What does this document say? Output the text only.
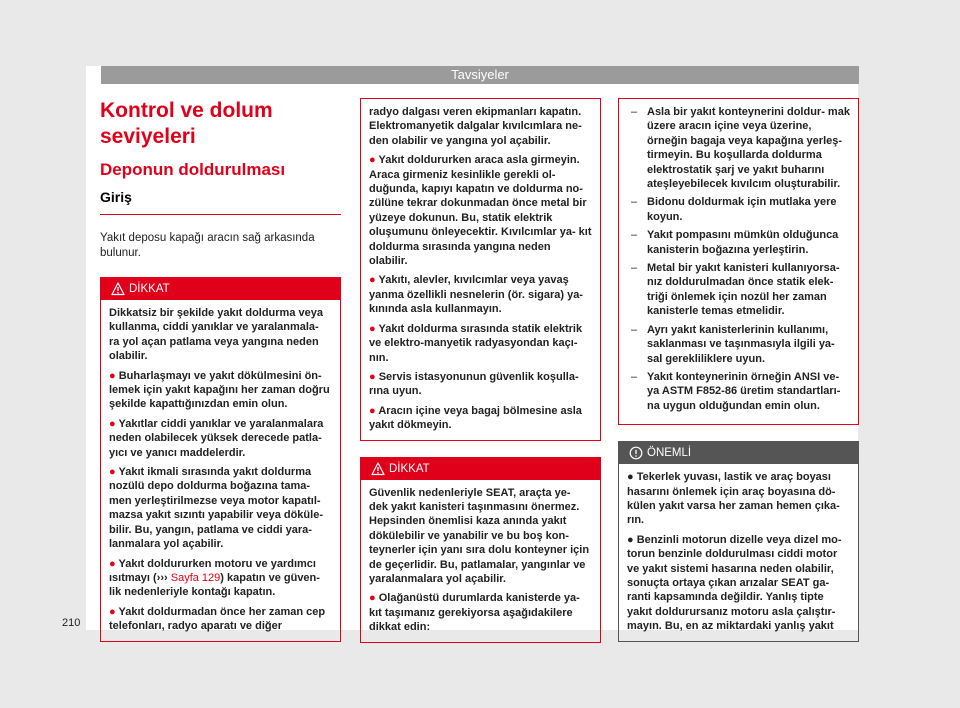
Tavsiyeler
Kontrol ve dolum
seviyeleri
Deponun doldurulması
Giriş

Yakıt deposu kapağı aracın sağ arkasında bulunur.

DİKKAT

Dikkatsiz bir şekilde yakıt doldurma veya kullanma, ciddi yanıklar ve yaralanmala- ra yol açan patlama veya yangına neden olabilir.

● Buharlaşmayı ve yakıt dökülmesini ön- lemek için yakıt kapağını her zaman doğru şekilde kapattığınızdan emin olun.

● Yakıtlar ciddi yanıklar ve yaralanmalara neden olabilecek yüksek derecede patla- yıcı ve yanıcı maddelerdir.

● Yakıt ikmali sırasında yakıt doldurma nozülü depo doldurma boğazına tama- men yerleştirilmezse veya motor kapatıl- mazsa yakıt sızıntı yapabilir veya döküle- bilir. Bu, yangın, patlama ve ciddi yara- lanmalara yol açabilir.

● Yakıt doldururken motoru ve yardımcı ısıtmayı (››› Sayfa 129) kapatın ve güven- lik nedenleriyle kontağı kapatın.

● Yakıt doldurmadan önce her zaman cep telefonları, radyo aparatı ve diğer

radyo dalgası veren ekipmanları kapatın. Elektromanyetik dalgalar kıvılcımlara ne- den olabilir ve yangına yol açabilir.

● Yakıt doldururken araca asla girmeyin. Araca girmeniz kesinlikle gerekli ol- duğunda, kapıyı kapatın ve doldurma no- zülüne tekrar dokunmadan önce metal bir yüzeye dokunun. Bu, statik elektrik oluşumunu önleyecektir. Kıvılcımlar ya- kıt doldurma sırasında yangına neden olabilir.

● Yakıtı, alevler, kıvılcımlar veya yavaş yanma özellikli nesnelerin (ör. sigara) ya- kınında asla kullanmayın.

● Yakıt doldurma sırasında statik elektrik ve elektro-manyetik radyasyondan kaçı- nın.

● Servis istasyonunun güvenlik koşulla- rına uyun.

● Aracın içine veya bagaj bölmesine asla yakıt dökmeyin.

DİKKAT

Güvenlik nedenleriyle SEAT, araçta ye- dek yakıt kanisteri taşınmasını önermez. Hepsinden önemlisi kaza anında yakıt dökülebilir ve yanabilir ve bu boş kon- teynerler için yanı sıra dolu konteyner için de geçerlidir. Bu, patlamalar, yangınlar ve yaralanmalara yol açabilir.

● Olağanüstü durumlarda kanisterde ya- kıt taşımanız gerekiyorsa aşağıdakilere dikkat edin:

– Asla bir yakıt konteynerini doldur- mak üzere aracın içine veya üzerine, örneğin bagaja veya kapağına yerleş- tirmeyin. Bu koşullarda doldurma elektrostatik şarj ve yakıt buharını ateşleyebilecek kıvılcım oluşturabilir.
– Bidonu doldurmak için mutlaka yere koyun.
– Yakıt pompasını mümkün olduğunca kanisterin boğazına yerleştirin.
– Metal bir yakıt kanisteri kullanıyorsa- nız doldurulmadan önce statik elek- triği önlemek için nozül her zaman kanisterle temas etmelidir.
– Ayrı yakıt kanisterlerinin kullanımı, saklanması ve taşınmasıyla ilgili ya- sal gerekliliklere uyun.
– Yakıt konteynerinin örneğin ANSI ve- ya ASTM F852-86 üretim standartları- na uygun olduğundan emin olun.
ÖNEMLİ

● Tekerlek yuvası, lastik ve araç boyası hasarını önlemek için araç boyasına dö- külen yakıt varsa her zaman hemen çıka- rın.

● Benzinli motorun dizelle veya dizel mo- torun benzinle doldurulması ciddi motor ve yakıt sistemi hasarına neden olabilir, sonuçta ortaya çıkan arızalar SEAT ga- ranti kapsamında değildir. Yanlış tipte yakıt doldurursanız motoru asla çalıştır- mayın. Bu, en az miktardaki yanlış yakıt

210
